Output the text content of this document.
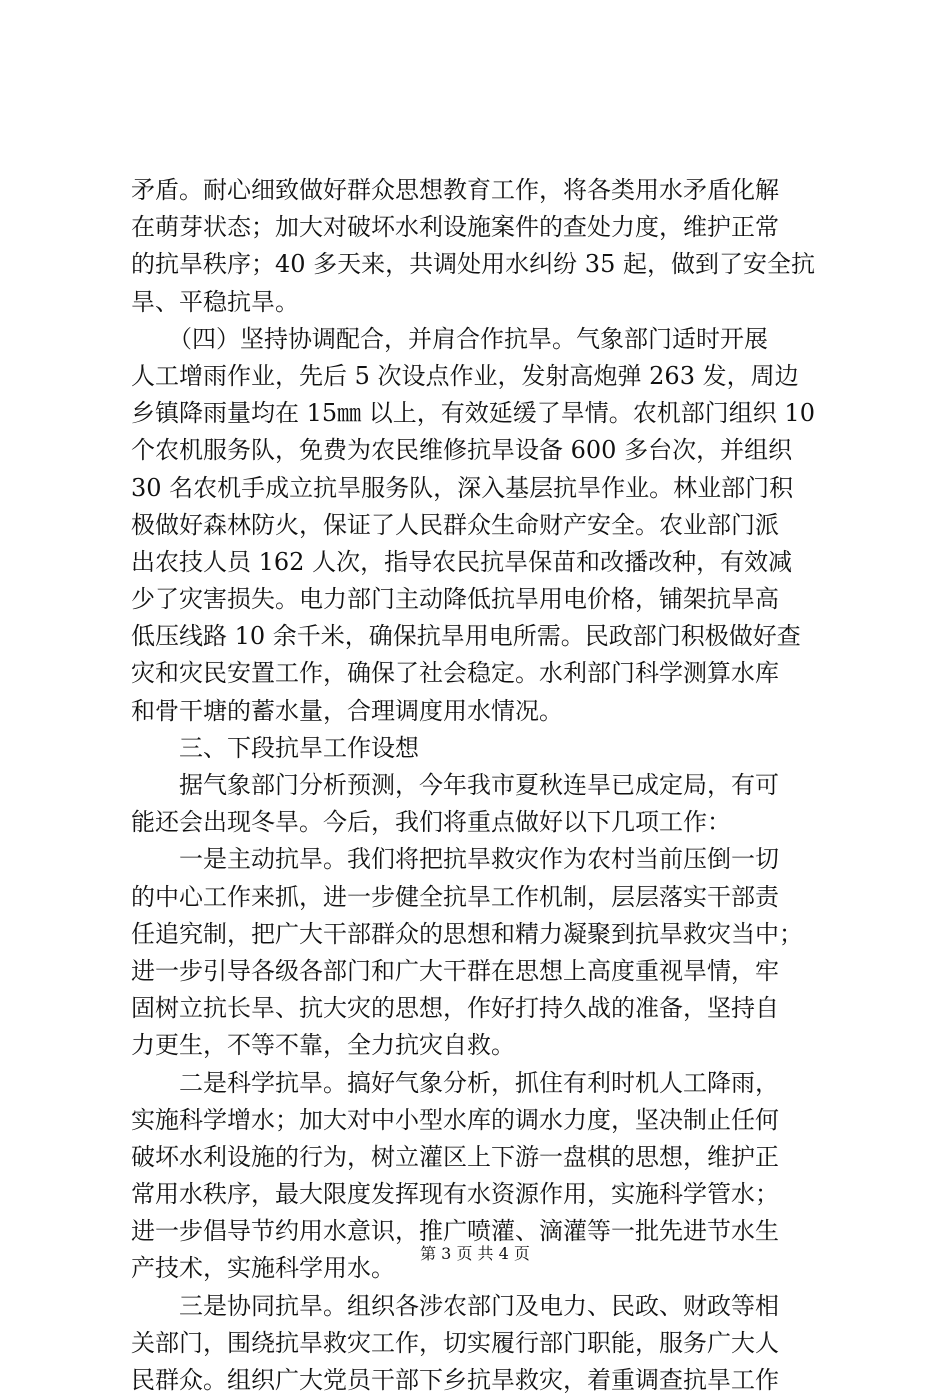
矛盾。耐心细致做好群众思想教育工作，将各类用水矛盾化解
在萌芽状态；加大对破坏水利设施案件的查处力度，维护正常
的抗旱秩序；40 多天来，共调处用水纠纷 35 起，做到了安全抗
旱、平稳抗旱。
（四）坚持协调配合，并肩合作抗旱。气象部门适时开展
人工增雨作业，先后 5 次设点作业，发射高炮弹 263 发，周边
乡镇降雨量均在 15㎜ 以上，有效延缓了旱情。农机部门组织 10
个农机服务队，免费为农民维修抗旱设备 600 多台次，并组织
30 名农机手成立抗旱服务队，深入基层抗旱作业。林业部门积
极做好森林防火，保证了人民群众生命财产安全。农业部门派
出农技人员 162 人次，指导农民抗旱保苗和改播改种，有效减
少了灾害损失。电力部门主动降低抗旱用电价格，铺架抗旱高
低压线路 10 余千米，确保抗旱用电所需。民政部门积极做好查
灾和灾民安置工作，确保了社会稳定。水利部门科学测算水库
和骨干塘的蓄水量，合理调度用水情况。
三、下段抗旱工作设想
据气象部门分析预测，今年我市夏秋连旱已成定局，有可
能还会出现冬旱。今后，我们将重点做好以下几项工作：
一是主动抗旱。我们将把抗旱救灾作为农村当前压倒一切
的中心工作来抓，进一步健全抗旱工作机制，层层落实干部责
任追究制，把广大干部群众的思想和精力凝聚到抗旱救灾当中；
进一步引导各级各部门和广大干群在思想上高度重视旱情，牢
固树立抗长旱、抗大灾的思想，作好打持久战的准备，坚持自
力更生，不等不靠，全力抗灾自救。
二是科学抗旱。搞好气象分析，抓住有利时机人工降雨，
实施科学增水；加大对中小型水库的调水力度，坚决制止任何
破坏水利设施的行为，树立灌区上下游一盘棋的思想，维护正
常用水秩序，最大限度发挥现有水资源作用，实施科学管水；
进一步倡导节约用水意识，推广喷灌、滴灌等一批先进节水生
产技术，实施科学用水。
三是协同抗旱。组织各涉农部门及电力、民政、财政等相
关部门，围绕抗旱救灾工作，切实履行部门职能，服务广大人
民群众。组织广大党员干部下乡抗旱救灾，着重调查抗旱工作
第 3 页 共 4 页
